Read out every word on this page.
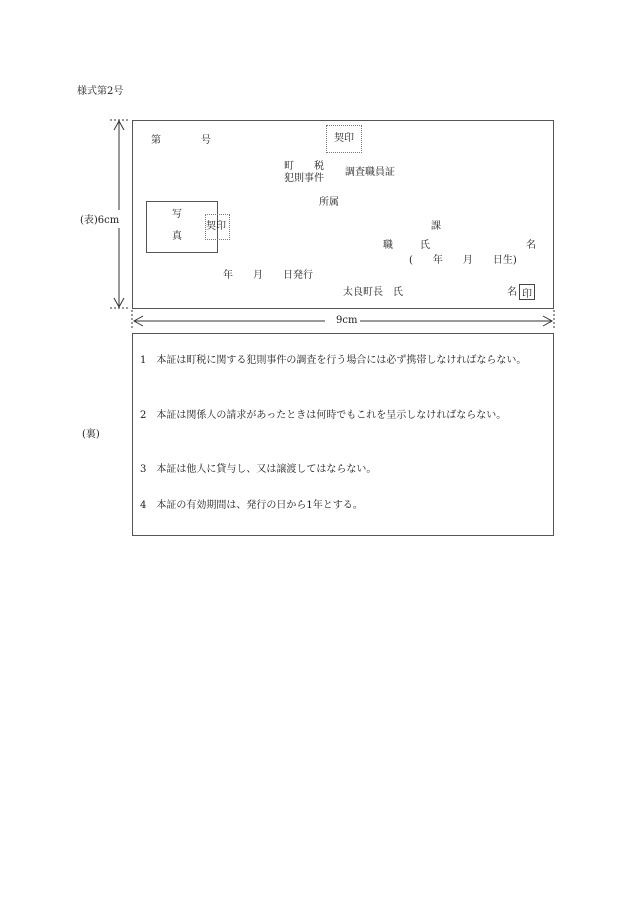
様式第2号
(表)6cm
(裏)
9cm
第	号	契印
町　　税
犯則事件
調査職員証
所属
写
真
契印	課
職	氏	名
(　　年　　月　　日生)
年　　月　　日発行
太良町長　氏	名 印
1　本証は町税に関する犯則事件の調査を行う場合には必ず携帯しなければならない。
2　本証は関係人の請求があったときは何時でもこれを呈示しなければならない。
3　本証は他人に貸与し、又は譲渡してはならない。
4　本証の有効期間は、発行の日から1年とする。
